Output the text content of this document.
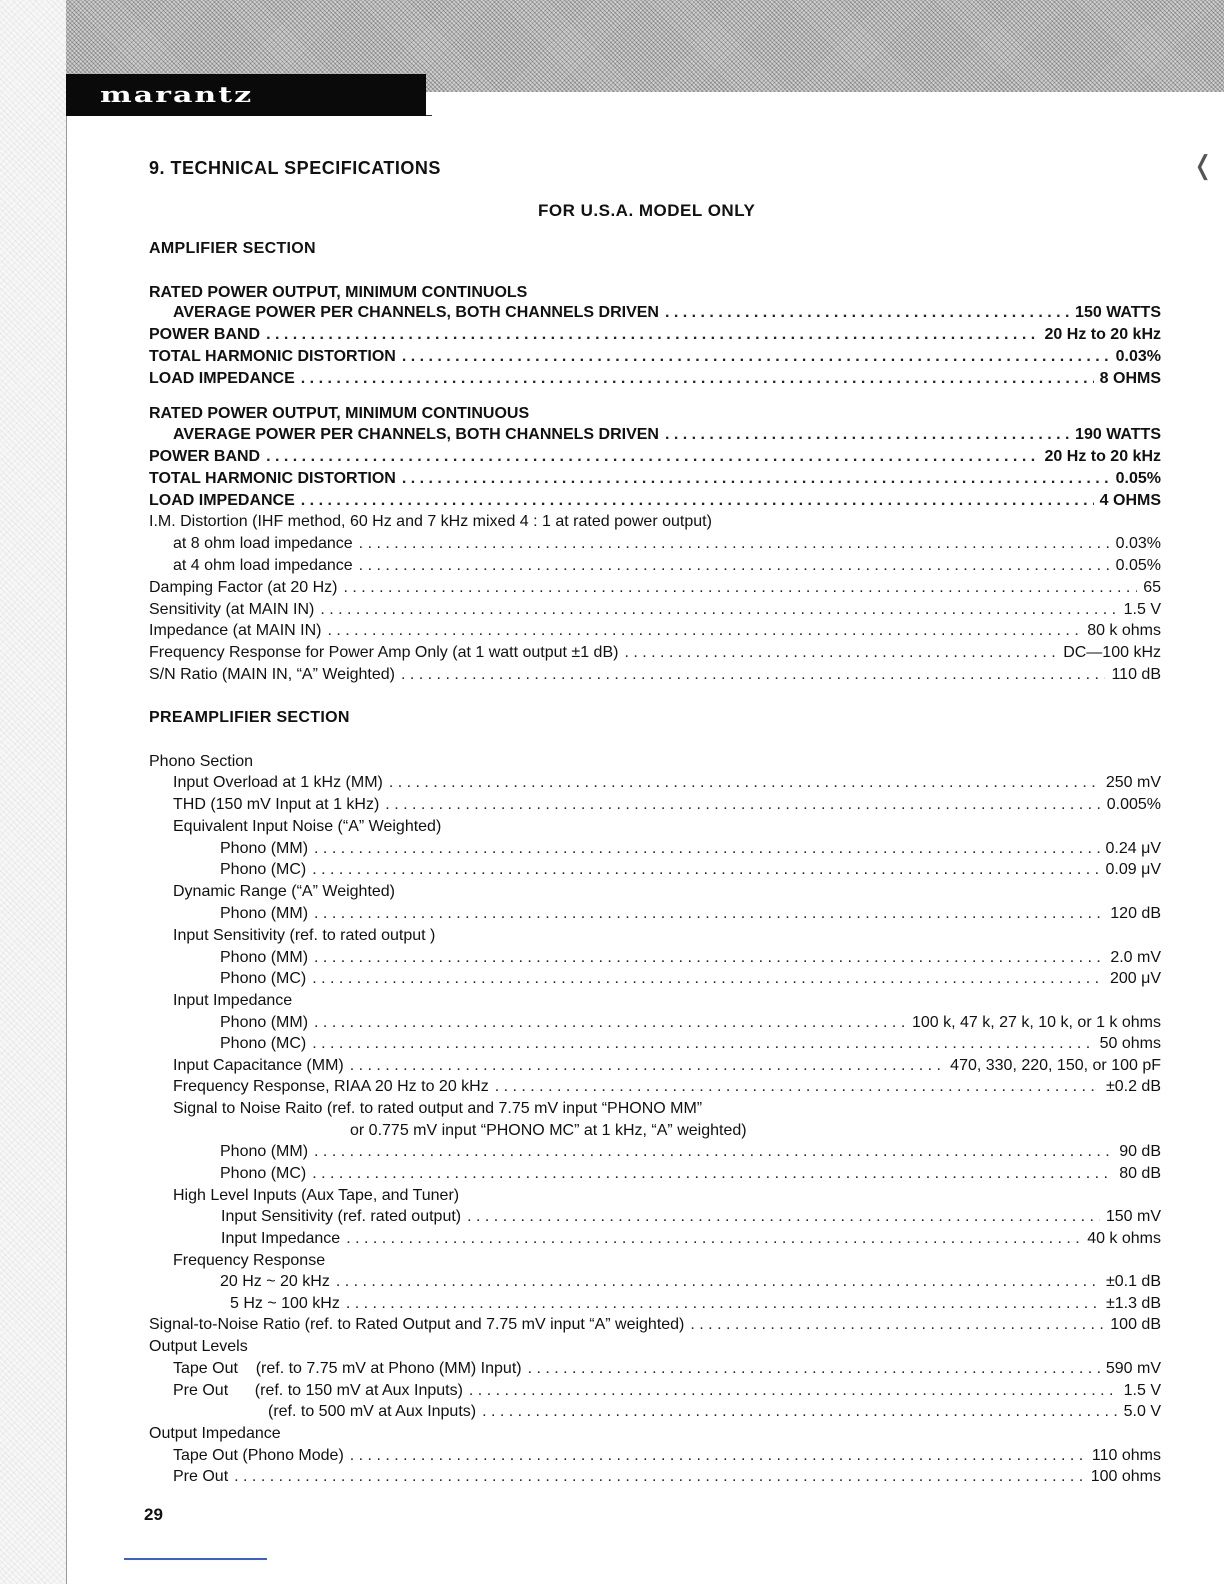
marantz
❬
9. TECHNICAL SPECIFICATIONS
FOR U.S.A. MODEL ONLY
AMPLIFIER SECTION
RATED POWER OUTPUT, MINIMUM CONTINUOLS
AVERAGE POWER PER CHANNELS, BOTH CHANNELS DRIVEN . . .	150 WATTS
POWER BAND . . .	20 Hz to 20 kHz
TOTAL HARMONIC DISTORTION . . .	0.03%
LOAD IMPEDANCE . . .	8 OHMS
RATED POWER OUTPUT, MINIMUM CONTINUOUS
AVERAGE POWER PER CHANNELS, BOTH CHANNELS DRIVEN . . .	190 WATTS
POWER BAND . . .	20 Hz to 20 kHz
TOTAL HARMONIC DISTORTION . . .	0.05%
LOAD IMPEDANCE . . .	4 OHMS
I.M. Distortion (IHF method, 60 Hz and 7 kHz mixed 4 : 1 at rated power output)
at 8 ohm load impedance . . .	0.03%
at 4 ohm load impedance . . .	0.05%
Damping Factor (at 20 Hz) . . .	65
Sensitivity (at MAIN IN) . . .	1.5 V
Impedance (at MAIN IN) . . .	80 k ohms
Frequency Response for Power Amp Only (at 1 watt output ±1 dB) . . .	DC—100 kHz
S/N Ratio (MAIN IN, “A” Weighted) . . .	110 dB
PREAMPLIFIER SECTION
Phono Section
Input Overload at 1 kHz (MM) . . .	250 mV
THD (150 mV Input at 1 kHz) . . .	0.005%
Equivalent Input Noise (“A” Weighted)
Phono (MM) . . .	0.24 μV
Phono (MC) . . .	0.09 μV
Dynamic Range (“A” Weighted)
Phono (MM) . . .	120 dB
Input Sensitivity (ref. to rated output )
Phono (MM) . . .	2.0 mV
Phono (MC) . . .	200 μV
Input Impedance
Phono (MM) . . .	100 k, 47 k, 27 k, 10 k, or 1 k ohms
Phono (MC) . . .	50 ohms
Input Capacitance (MM) . . .	470, 330, 220, 150, or 100 pF
Frequency Response, RIAA 20 Hz to 20 kHz . . .	±0.2 dB
Signal to Noise Raito (ref. to rated output and 7.75 mV input “PHONO MM”
or 0.775 mV input “PHONO MC” at 1 kHz, “A” weighted)
Phono (MM) . . .	90 dB
Phono (MC) . . .	80 dB
High Level Inputs (Aux Tape, and Tuner)
Input Sensitivity (ref. rated output) . . .	150 mV
Input Impedance . . .	40 k ohms
Frequency Response
20 Hz ~ 20 kHz . . .	±0.1 dB
5 Hz ~ 100 kHz . . .	±1.3 dB
Signal-to-Noise Ratio (ref. to Rated Output and 7.75 mV input “A” weighted) . . .	100 dB
Output Levels
Tape Out    (ref. to 7.75 mV at Phono (MM) Input) . . .	590 mV
Pre Out      (ref. to 150 mV at Aux Inputs) . . .	1.5 V
(ref. to 500 mV at Aux Inputs) . . .	5.0 V
Output Impedance
Tape Out (Phono Mode) . . .	110 ohms
Pre Out . . .	100 ohms
29
